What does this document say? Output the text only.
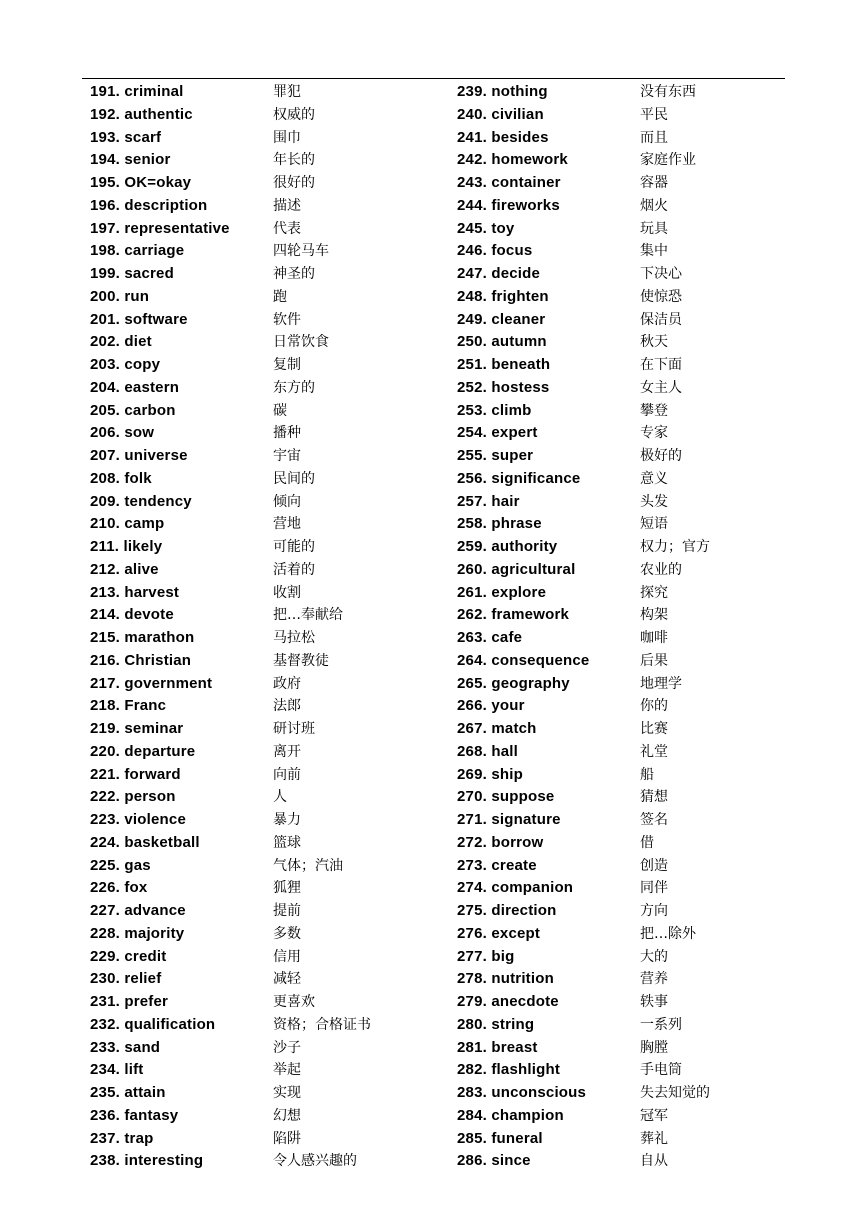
191. criminal	罪犯
192. authentic	权威的
193. scarf	围巾
194. senior	年长的
195. OK=okay	很好的
196. description	描述
197. representative	代表
198. carriage	四轮马车
199. sacred	神圣的
200. run	跑
201. software	软件
202. diet	日常饮食
203. copy	复制
204. eastern	东方的
205. carbon	碳
206. sow	播种
207. universe	宇宙
208. folk	民间的
209. tendency	倾向
210. camp	营地
211. likely	可能的
212. alive	活着的
213. harvest	收割
214. devote	把…奉献给
215. marathon	马拉松
216. Christian	基督教徒
217. government	政府
218. Franc	法郎
219. seminar	研讨班
220. departure	离开
221. forward	向前
222. person	人
223. violence	暴力
224. basketball	篮球
225. gas	气体；汽油
226. fox	狐狸
227. advance	提前
228. majority	多数
229. credit	信用
230. relief	减轻
231. prefer	更喜欢
232. qualification	资格；合格证书
233. sand	沙子
234. lift	举起
235. attain	实现
236. fantasy	幻想
237. trap	陷阱
238. interesting	令人感兴趣的
239. nothing	没有东西
240. civilian	平民
241. besides	而且
242. homework	家庭作业
243. container	容器
244. fireworks	烟火
245. toy	玩具
246. focus	集中
247. decide	下决心
248. frighten	使惊恐
249. cleaner	保洁员
250. autumn	秋天
251. beneath	在下面
252. hostess	女主人
253. climb	攀登
254. expert	专家
255. super	极好的
256. significance	意义
257. hair	头发
258. phrase	短语
259. authority	权力；官方
260. agricultural	农业的
261. explore	探究
262. framework	构架
263. cafe	咖啡
264. consequence	后果
265. geography	地理学
266. your	你的
267. match	比赛
268. hall	礼堂
269. ship	船
270. suppose	猜想
271. signature	签名
272. borrow	借
273. create	创造
274. companion	同伴
275. direction	方向
276. except	把…除外
277. big	大的
278. nutrition	营养
279. anecdote	轶事
280. string	一系列
281. breast	胸膛
282. flashlight	手电筒
283. unconscious	失去知觉的
284. champion	冠军
285. funeral	葬礼
286. since	自从
